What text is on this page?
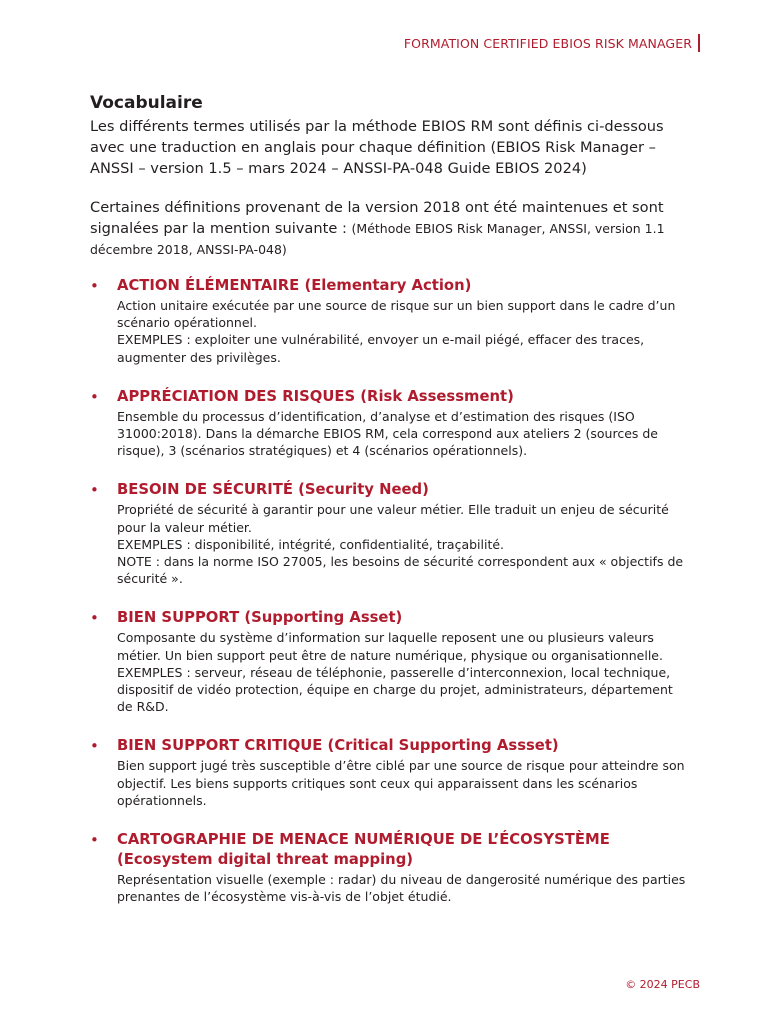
FORMATION CERTIFIED EBIOS RISK MANAGER
Vocabulaire

Les différents termes utilisés par la méthode EBIOS RM sont définis ci-dessous avec une traduction en anglais pour chaque définition (EBIOS Risk Manager – ANSSI – version 1.5 – mars 2024 – ANSSI-PA-048 Guide EBIOS 2024)

Certaines définitions provenant de la version 2018 ont été maintenues et sont signalées par la mention suivante : (Méthode EBIOS Risk Manager, ANSSI, version 1.1 décembre 2018, ANSSI-PA-048)

• ACTION ÉLÉMENTAIRE (Elementary Action)

Action unitaire exécutée par une source de risque sur un bien support dans le cadre d’un scénario opérationnel.
EXEMPLES : exploiter une vulnérabilité, envoyer un e-mail piégé, effacer des traces, augmenter des privilèges.

• APPRÉCIATION DES RISQUES (Risk Assessment)

Ensemble du processus d’identification, d’analyse et d’estimation des risques (ISO 31000:2018). Dans la démarche EBIOS RM, cela correspond aux ateliers 2 (sources de risque), 3 (scénarios stratégiques) et 4 (scénarios opérationnels).

• BESOIN DE SÉCURITÉ (Security Need)

Propriété de sécurité à garantir pour une valeur métier. Elle traduit un enjeu de sécurité pour la valeur métier.
EXEMPLES : disponibilité, intégrité, confidentialité, traçabilité.
NOTE : dans la norme ISO 27005, les besoins de sécurité correspondent aux « objectifs de sécurité ».

• BIEN SUPPORT (Supporting Asset)

Composante du système d’information sur laquelle reposent une ou plusieurs valeurs métier. Un bien support peut être de nature numérique, physique ou organisationnelle.
EXEMPLES : serveur, réseau de téléphonie, passerelle d’interconnexion, local technique, dispositif de vidéo protection, équipe en charge du projet, administrateurs, département de R&D.

• BIEN SUPPORT CRITIQUE (Critical Supporting Assset)

Bien support jugé très susceptible d’être ciblé par une source de risque pour atteindre son objectif. Les biens supports critiques sont ceux qui apparaissent dans les scénarios opérationnels.

• CARTOGRAPHIE DE MENACE NUMÉRIQUE DE L’ÉCOSYSTÈME (Ecosystem digital threat mapping)

Représentation visuelle (exemple : radar) du niveau de dangerosité numérique des parties prenantes de l’écosystème vis-à-vis de l’objet étudié.

© 2024 PECB
